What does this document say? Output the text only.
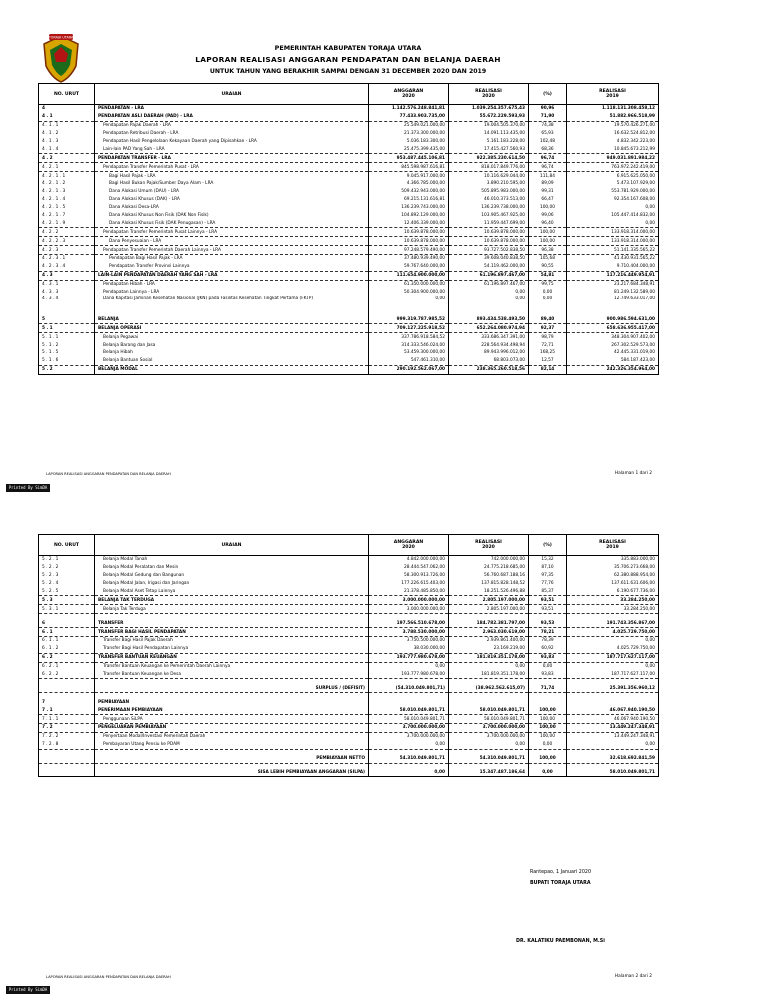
TORAJA UTARA
PEMERINTAH KABUPATEN TORAJA UTARA
LAPORAN REALISASI ANGGARAN PENDAPATAN DAN BELANJA DAERAH
UNTUK TAHUN YANG BERAKHIR SAMPAI DENGAN 31 DECEMBER 2020 DAN 2019
NO. URUT	URAIAN	ANGGARAN
2020	REALISASI
2020	(%)	REALISASI
2019
4	PENDAPATAN - LRA	1.142.576.248.841,81	1.039.254.357.675,43	90,96	1.118.131.308.458,12
4 . 1	PENDAPATAN ASLI DAERAH (PAD) - LRA	77.433.903.735,00	55.672.229.593,93	71,90	51.882.966.518,99
4 . 1 . 1	Pendapatan Pajak Daerah - LRA	25.549.021.000,00	19.004.505.370,00	74,38	19.570.426.271,00
4 . 1 . 2	Pendapatan Retribusi Daerah - LRA	21.373.300.000,00	14.091.113.435,00	65,93	16.632.524.812,00
4 . 1 . 3	Pendapatan Hasil Pengelolaan Kekayaan Daerah yang Dipisahkan - LRA	5.036.183.300,00	5.161.183.228,00	102,48	4.832.342.223,00
4 . 1 . 4	Lain-lain PAD Yang Sah - LRA	25.475.399.435,00	17.415.427.560,93	68,36	10.845.673.212,99
4 . 2	PENDAPATAN TRANSFER - LRA	953.487.445.106,81	922.385.230.614,50	96,74	949.031.891.984,22
4 . 2 . 1	Pendapatan Transfer Pemerintah Pusat - LRA	845.598.987.616,81	818.017.849.776,00	96,74	763.972.242.419,00
4 . 2 . 1 . 1	Bagi Hasil Pajak - LRA	9.045.917.000,00	10.116.629.044,00	111,84	6.915.625.050,00
4 . 2 . 1 . 2	Bagi Hasil Bukan Pajak/Sumber Daya Alam - LRA	4.366.785.000,00	3.890.210.595,00	89,09	5.473.107.929,00
4 . 2 . 1 . 3	Dana Alokasi Umum (DAU) - LRA	509.432.943.000,00	505.895.983.000,00	99,31	553.781.929.000,00
4 . 2 . 1 . 4	Dana Alokasi Khusus (DAK) - LRA	69.215.131.616,81	46.010.373.513,00	66,47	92.354.167.608,00
4 . 2 . 1 . 5	Dana Alokasi Desa-LRA	136.239.743.000,00	136.239.738.000,00	100,00	0,00
4 . 2 . 1 . 7	Dana Alokasi Khusus Non Fisik (DAK Non Fisik)	104.892.129.000,00	103.905.467.925,00	99,06	105.447.414.832,00
4 . 2 . 1 . 9	Dana Alokasi Khusus Fisik (DAK Penugasan) - LRA	12.406.339.000,00	11.959.447.699,00	96,40	0,00
4 . 2 . 2	Pendapatan Transfer Pemerintah Pusat Lainnya - LRA	10.639.878.000,00	10.639.878.000,00	100,00	133.918.314.000,00
4 . 2 . 2 . 3	Dana Penyesuaian - LRA	10.639.878.000,00	10.639.878.000,00	100,00	133.918.314.000,00
4 . 2 . 3	Pendapatan Transfer Pemerintah Daerah Lainnya - LRA	97.248.579.490,00	93.727.502.838,50	96,38	51.141.335.565,22
4 . 2 . 3 . 1	Pendapatan Bagi Hasil Pajak - LRA	37.480.939.490,00	39.608.040.838,50	105,68	41.430.931.565,22
4 . 2 . 3 . 4	Pendapatan Transfer Provinsi Lainnya	59.767.640.000,00	54.119.462.000,00	90,55	9.710.404.000,00
4 . 3	LAIN-LAIN PENDAPATAN DAERAH YANG SAH - LRA	111.654.900.000,00	61.196.897.467,00	54,81	117.216.449.954,91
4 . 3 . 1	Pendapatan Hibah - LRA	61.350.000.000,00	61.196.897.467,00	99,75	23.217.684.348,91
4 . 3 . 3	Pendapatan Lainnya - LRA	50.304.900.000,00	0,00	0,00	81.249.132.589,00
4 . 3 . 4	Dana Kapitasi Jaminan Kesehatan Nasional (JKN) pada Fasilitas Kesehatan Tingkat Pertama (FKTP)	0,00	0,00	0,00	12.749.633.017,00

5	BELANJA	999.319.787.985,52	893.434.538.493,50	89,40	900.986.594.631,00
5 . 1	BELANJA OPERASI	709.127.225.918,52	652.264.080.974,94	92,37	658.636.955.417,00
5 . 1 . 1	Belanja Pegawai	337.786.918.584,52	333.686.347.391,00	98,79	348.304.907.402,00
5 . 1 . 2	Belanja Barang dan Jasa	314.333.546.024,00	228.564.934.498,94	72,71	267.302.529.573,00
5 . 1 . 5	Belanja Hibah	53.459.300.000,00	89.943.996.012,00	168,25	42.445.331.019,00
5 . 1 . 6	Belanja Bantuan Sosial	547.461.310,00	68.803.073,00	12,57	584.187.423,00
5 . 2	BELANJA MODAL	290.192.562.067,00	238.365.260.518,56	82,14	242.326.354.964,00
LAPORAN REALISASI ANGGARAN PENDAPATAN DAN BELANJA DAERAH	Halaman 1 dari 2
Printed By SimDA
NO. URUT	URAIAN	ANGGARAN
2020	REALISASI
2020	(%)	REALISASI
2019
5 . 2 . 1	Belanja Modal Tanah	4.842.000.000,00	742.000.000,00	15,32	335.883.000,00
5 . 2 . 2	Belanja Modal Peralatan dan Mesin	28.444.547.062,00	24.775.218.685,00	87,10	35.706.273.668,00
5 . 2 . 3	Belanja Modal Gedung dan Bangunan	58.300.913.726,00	56.760.687.188,16	97,35	62.380.888.954,00
5 . 2 . 4	Belanja Modal Jalan, Irigasi dan Jaringan	177.226.615.403,00	137.815.828.148,52	77,76	137.611.631.606,00
5 . 2 . 5	Belanja Modal Aset Tetap Lainnya	21.378.485.850,00	18.251.526.496,88	85,37	6.190.677.736,00
5 . 3	BELANJA TAK TERDUGA	3.000.000.000,00	2.805.197.000,00	93,51	33.284.250,00
5 . 3 . 1	Belanja Tak Terduga	3.000.000.000,00	2.805.197.000,00	93,51	33.284.250,00

6	TRANSFER	197.566.510.678,00	184.782.381.797,00	93,53	191.743.356.867,00
6 . 1	TRANSFER BAGI HASIL PENDAPATAN	3.788.530.000,00	2.963.030.619,00	78,21	4.025.729.750,00
6 . 1 . 1	Transfer Bagi Hasil Pajak Daerah	3.750.500.000,00	2.939.861.400,00	78,39	0,00
6 . 1 . 2	Transfer Bagi Hasil Pendapatan Lainnya	38.030.000,00	23.169.219,00	60,92	4.025.729.750,00
6 . 2	TRANSFER BANTUAN KEUANGAN	193.777.980.678,00	181.819.351.178,00	93,83	187.717.627.117,00
6 . 2 . 1	Transfer Bantuan Keuangan ke Pemerintah Daerah Lainnya	0,00	0,00	0,00	0,00
6 . 2 . 2	Transfer Bantuan Keuangan ke Desa	193.777.980.678,00	181.819.351.178,00	93,83	187.717.627.117,00

	SURPLUS / (DEFISIT)	(54.310.049.801,71)	(38.962.562.615,07)	71,74	25.391.356.960,12

7	PEMBIAYAAN				
7 . 1	PENERIMAAN PEMBIAYAAN	58.010.049.801,71	58.010.049.801,71	100,00	46.067.940.190,50
7 . 1 . 1	Penggunaan SiLPA	58.010.049.801,71	58.010.049.801,71	100,00	46.067.940.190,50
7 . 2	PENGELUARAN PEMBIAYAAN	3.700.000.000,00	3.700.000.000,00	100,00	13.449.247.348,91
7 . 2 . 2	Penyertaan Modal/Investasi Pemerintah Daerah	3.700.000.000,00	3.700.000.000,00	100,00	13.449.247.348,91
7 . 2 . 8	Pembayaran Utang Pensiu ke PDAM	0,00	0,00	0,00	0,00

	PEMBIAYAAN NETTO	54.310.049.801,71	54.310.049.801,71	100,00	32.618.692.841,59

	SISA LEBIH PEMBIAYAAN ANGGARAN (SILPA)	0,00	15.347.487.186,64	0,00	58.010.049.801,71
Rantepao, 1 Januari 2020
BUPATI TORAJA UTARA
DR. KALATIKU PAEMBONAN, M.Si
LAPORAN REALISASI ANGGARAN PENDAPATAN DAN BELANJA DAERAH	Halaman 2 dari 2
Printed By SimDA
